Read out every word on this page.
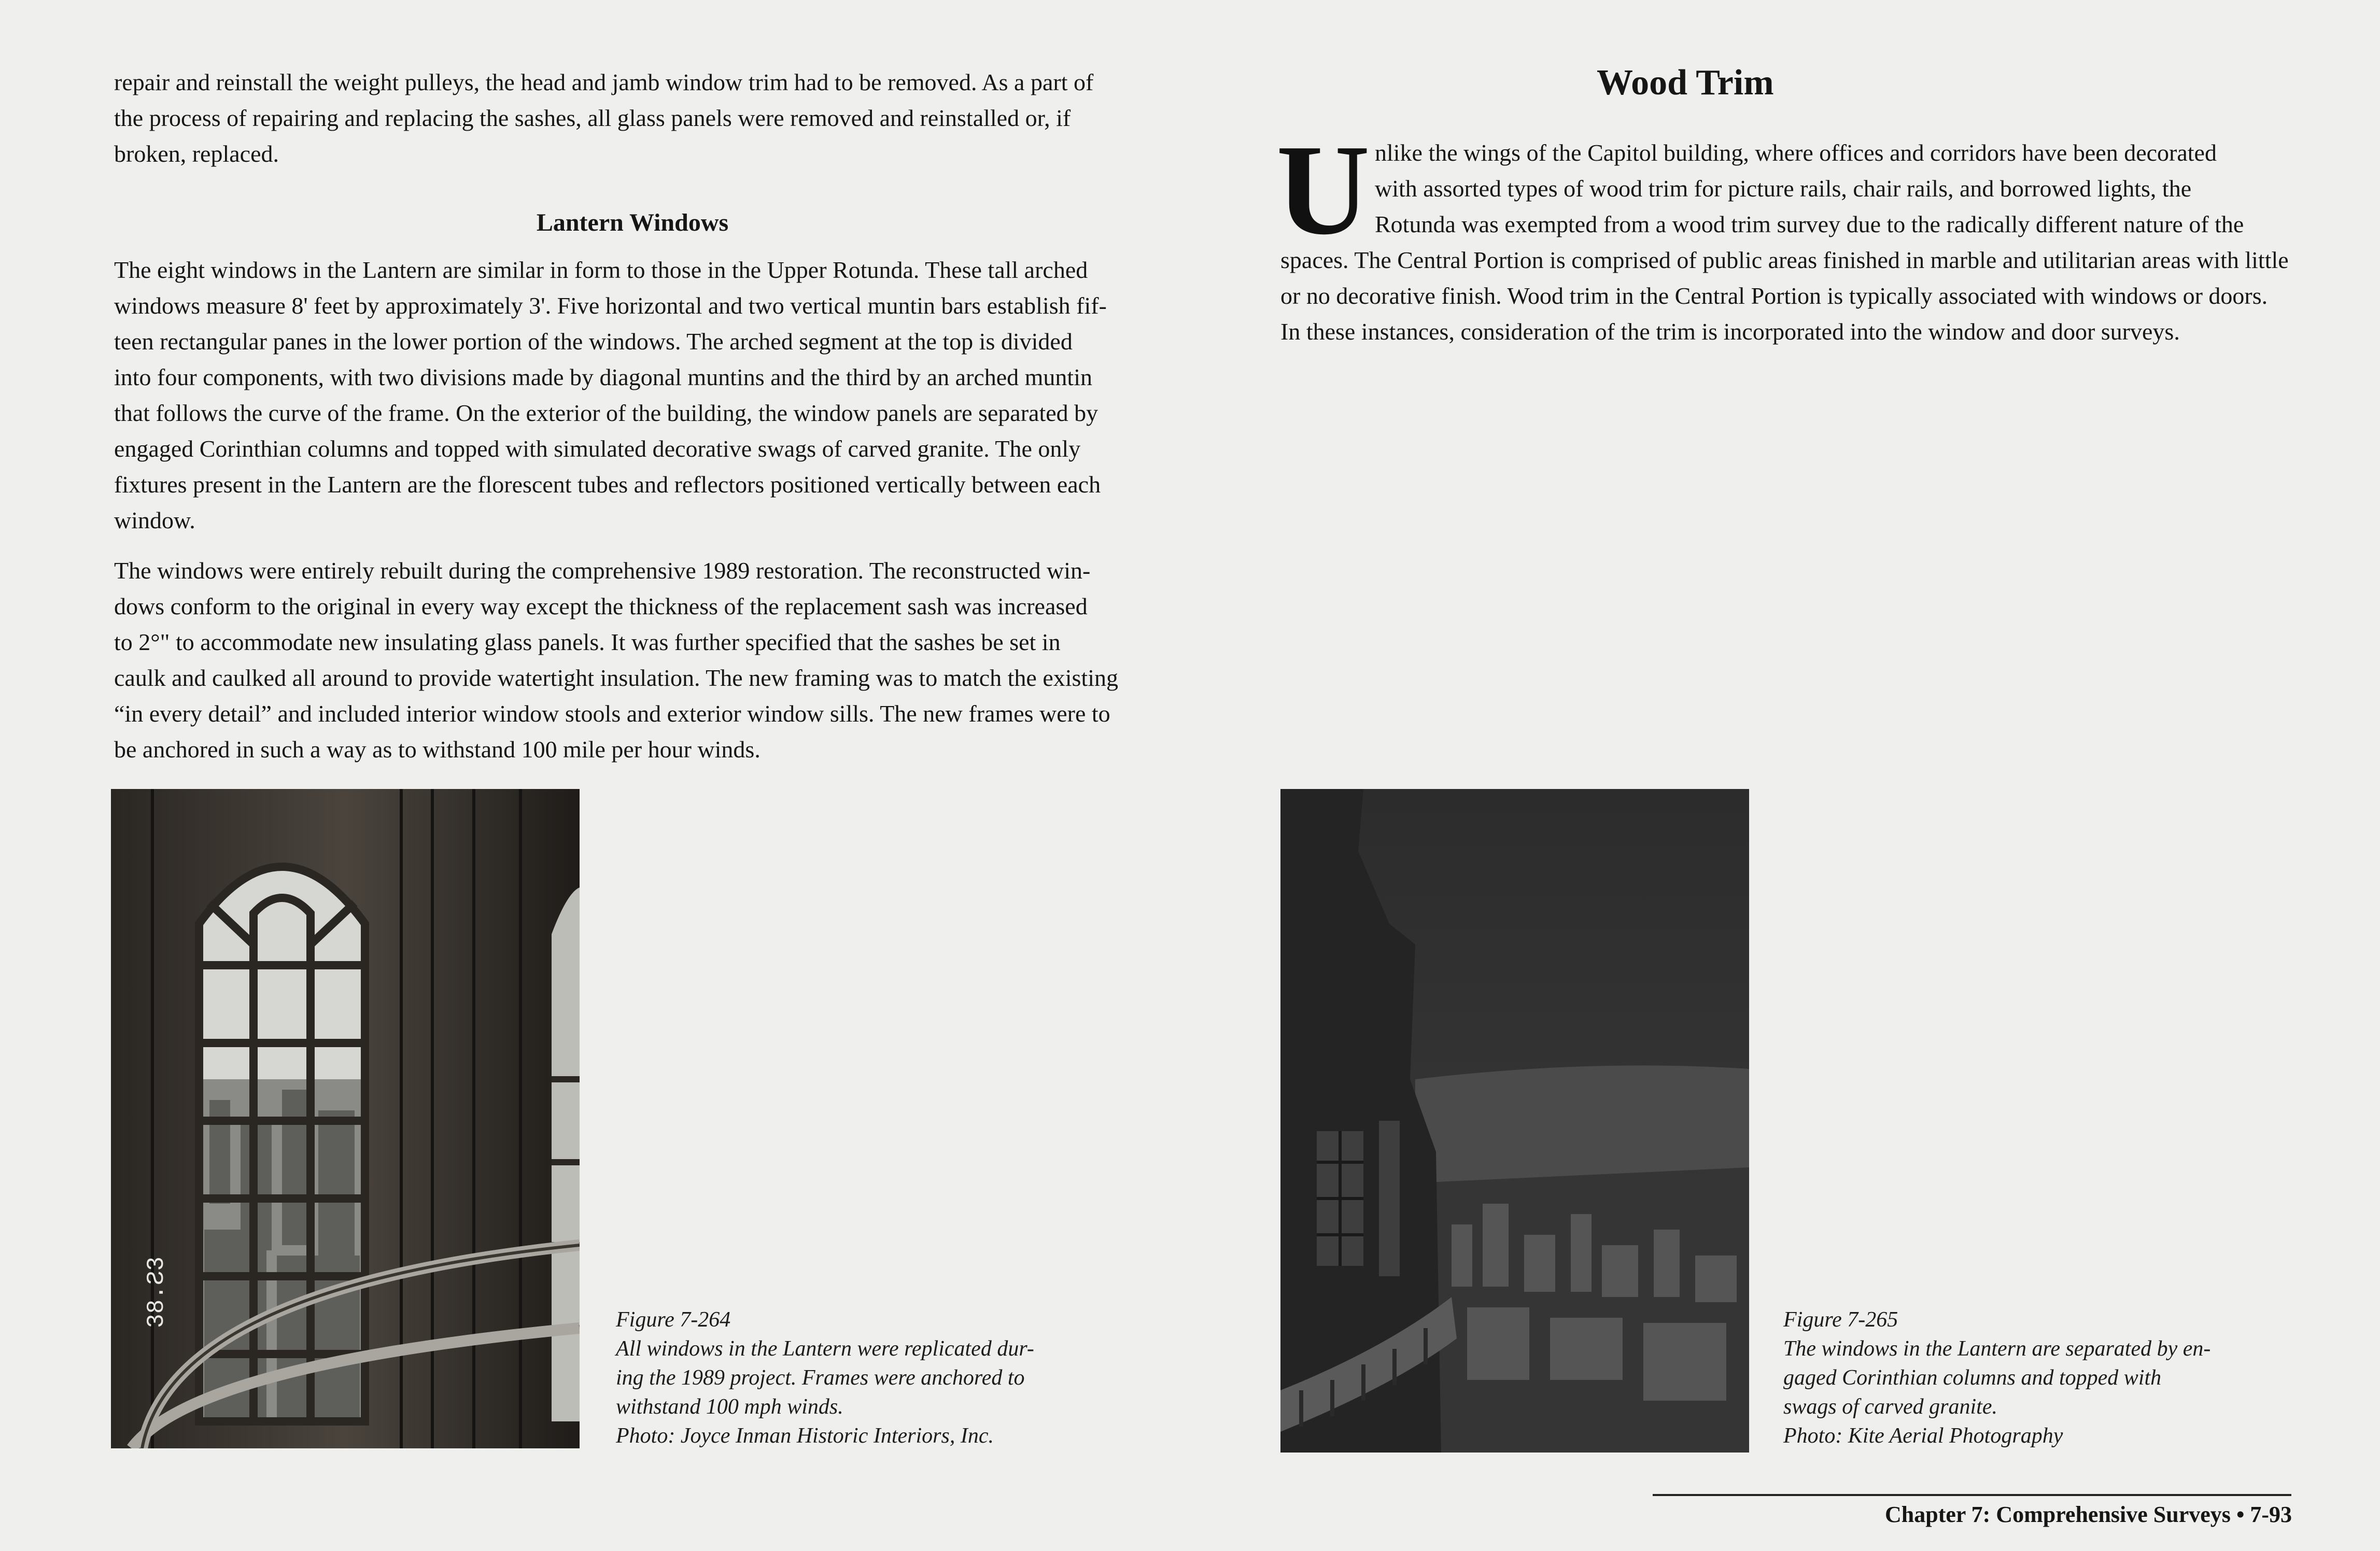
repair and reinstall the weight pulleys, the head and jamb window trim had to be removed. As a part of

the process of repairing and replacing the sashes, all glass panels were removed and reinstalled or, if

broken, replaced.

Lantern Windows

The eight windows in the Lantern are similar in form to those in the Upper Rotunda. These tall arched

windows measure 8' feet by approximately 3'. Five horizontal and two vertical muntin bars establish fif-

teen rectangular panes in the lower portion of the windows. The arched segment at the top is divided

into four components, with two divisions made by diagonal muntins and the third by an arched muntin

that follows the curve of the frame. On the exterior of the building, the window panels are separated by

engaged Corinthian columns and topped with simulated decorative swags of carved granite. The only

fixtures present in the Lantern are the florescent tubes and reflectors positioned vertically between each

window.

The windows were entirely rebuilt during the comprehensive 1989 restoration. The reconstructed win-

dows conform to the original in every way except the thickness of the replacement sash was increased

to 2°" to accommodate new insulating glass panels. It was further specified that the sashes be set in

caulk and caulked all around to provide watertight insulation. The new framing was to match the existing

“in every detail” and included interior window stools and exterior window sills. The new frames were to

be anchored in such a way as to withstand 100 mile per hour winds.

38.Ƨ3	Figure 7-264
All windows in the Lantern were replicated dur-
ing the 1989 project. Frames were anchored to
withstand 100 mph winds.
Photo: Joyce Inman Historic Interiors, Inc.
Wood Trim
U nlike the wings of the Capitol building, where offices and corridors have been decorated

with assorted types of wood trim for picture rails, chair rails, and borrowed lights, the

Rotunda was exempted from a wood trim survey due to the radically different nature of the

spaces. The Central Portion is comprised of public areas finished in marble and utilitarian areas with little

or no decorative finish. Wood trim in the Central Portion is typically associated with windows or doors.

In these instances, consideration of the trim is incorporated into the window and door surveys.

Figure 7-265
The windows in the Lantern are separated by en-
gaged Corinthian columns and topped with
swags of carved granite.
Photo: Kite Aerial Photography
Chapter 7: Comprehensive Surveys • 7-93
